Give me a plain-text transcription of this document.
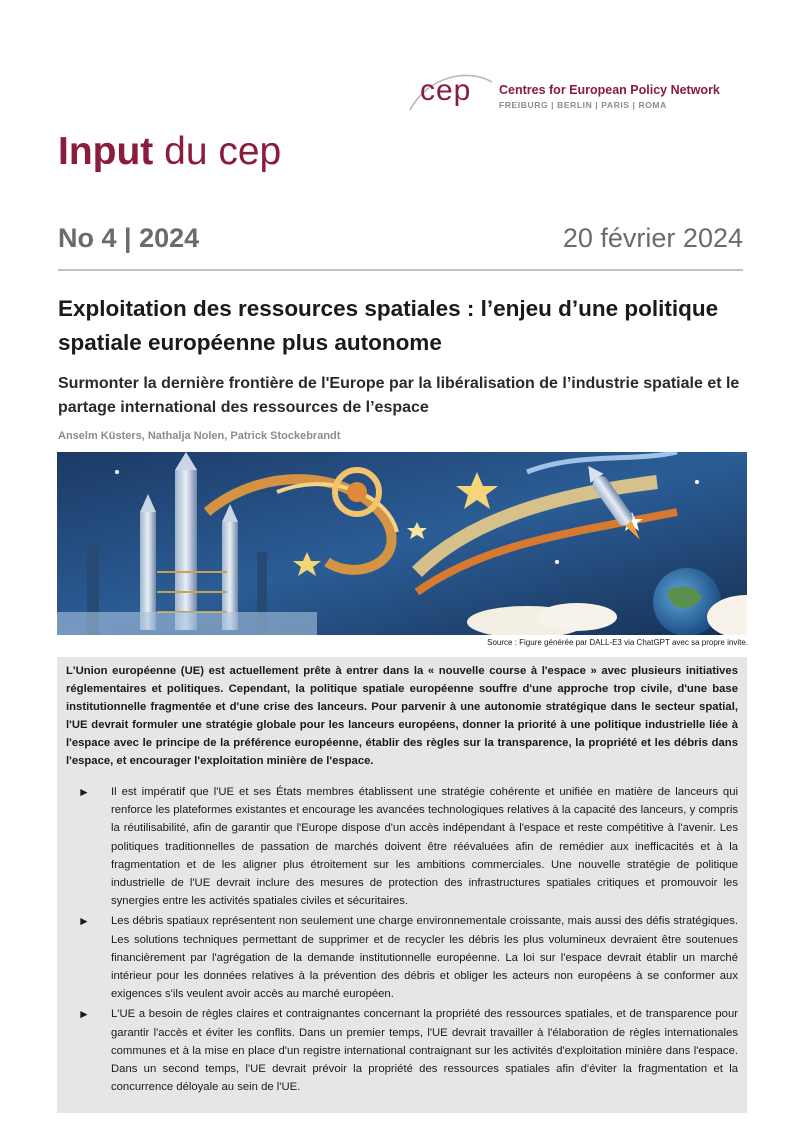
cep Centres for European Policy Network
FREIBURG | BERLIN | PARIS | ROMA
Input du cep
No 4 | 2024	20 février 2024
Exploitation des ressources spatiales : l’enjeu d’une politique spatiale européenne plus autonome
Surmonter la dernière frontière de l'Europe par la libéralisation de l’industrie spatiale et le partage international des ressources de l’espace
Anselm Küsters, Nathalja Nolen, Patrick Stockebrandt
Source : Figure générée par DALL-E3 via ChatGPT avec sa propre invite.
L'Union européenne (UE) est actuellement prête à entrer dans la « nouvelle course à l'espace » avec plusieurs initiatives réglementaires et politiques. Cependant, la politique spatiale européenne souffre d'une approche trop civile, d'une base institutionnelle fragmentée et d'une crise des lanceurs. Pour parvenir à une autonomie stratégique dans le secteur spatial, l'UE devrait formuler une stratégie globale pour les lanceurs européens, donner la priorité à une politique industrielle liée à l'espace avec le principe de la préférence européenne, établir des règles sur la transparence, la propriété et les débris dans l'espace, et encourager l'exploitation minière de l'espace.
► Il est impératif que l'UE et ses États membres établissent une stratégie cohérente et unifiée en matière de lanceurs qui renforce les plateformes existantes et encourage les avancées technologiques relatives à la capacité des lanceurs, y compris la réutilisabilité, afin de garantir que l'Europe dispose d'un accès indépendant à l'espace et reste compétitive à l'avenir. Les politiques traditionnelles de passation de marchés doivent être réévaluées afin de remédier aux inefficacités et à la fragmentation et de les aligner plus étroitement sur les ambitions commerciales. Une nouvelle stratégie de politique industrielle de l'UE devrait inclure des mesures de protection des infrastructures spatiales critiques et promouvoir les synergies entre les activités spatiales civiles et sécuritaires.
► Les débris spatiaux représentent non seulement une charge environnementale croissante, mais aussi des défis stratégiques. Les solutions techniques permettant de supprimer et de recycler les débris les plus volumineux devraient être soutenues financièrement par l'agrégation de la demande institutionnelle européenne. La loi sur l'espace devrait établir un marché intérieur pour les données relatives à la prévention des débris et obliger les acteurs non européens à se conformer aux exigences s'ils veulent avoir accès au marché européen.
► L'UE a besoin de règles claires et contraignantes concernant la propriété des ressources spatiales, et de transparence pour garantir l'accès et éviter les conflits. Dans un premier temps, l'UE devrait travailler à l'élaboration de règles internationales communes et à la mise en place d'un registre international contraignant sur les activités d'exploitation minière dans l'espace. Dans un second temps, l'UE devrait prévoir la propriété des ressources spatiales afin d'éviter la fragmentation et la concurrence déloyale au sein de l'UE.
